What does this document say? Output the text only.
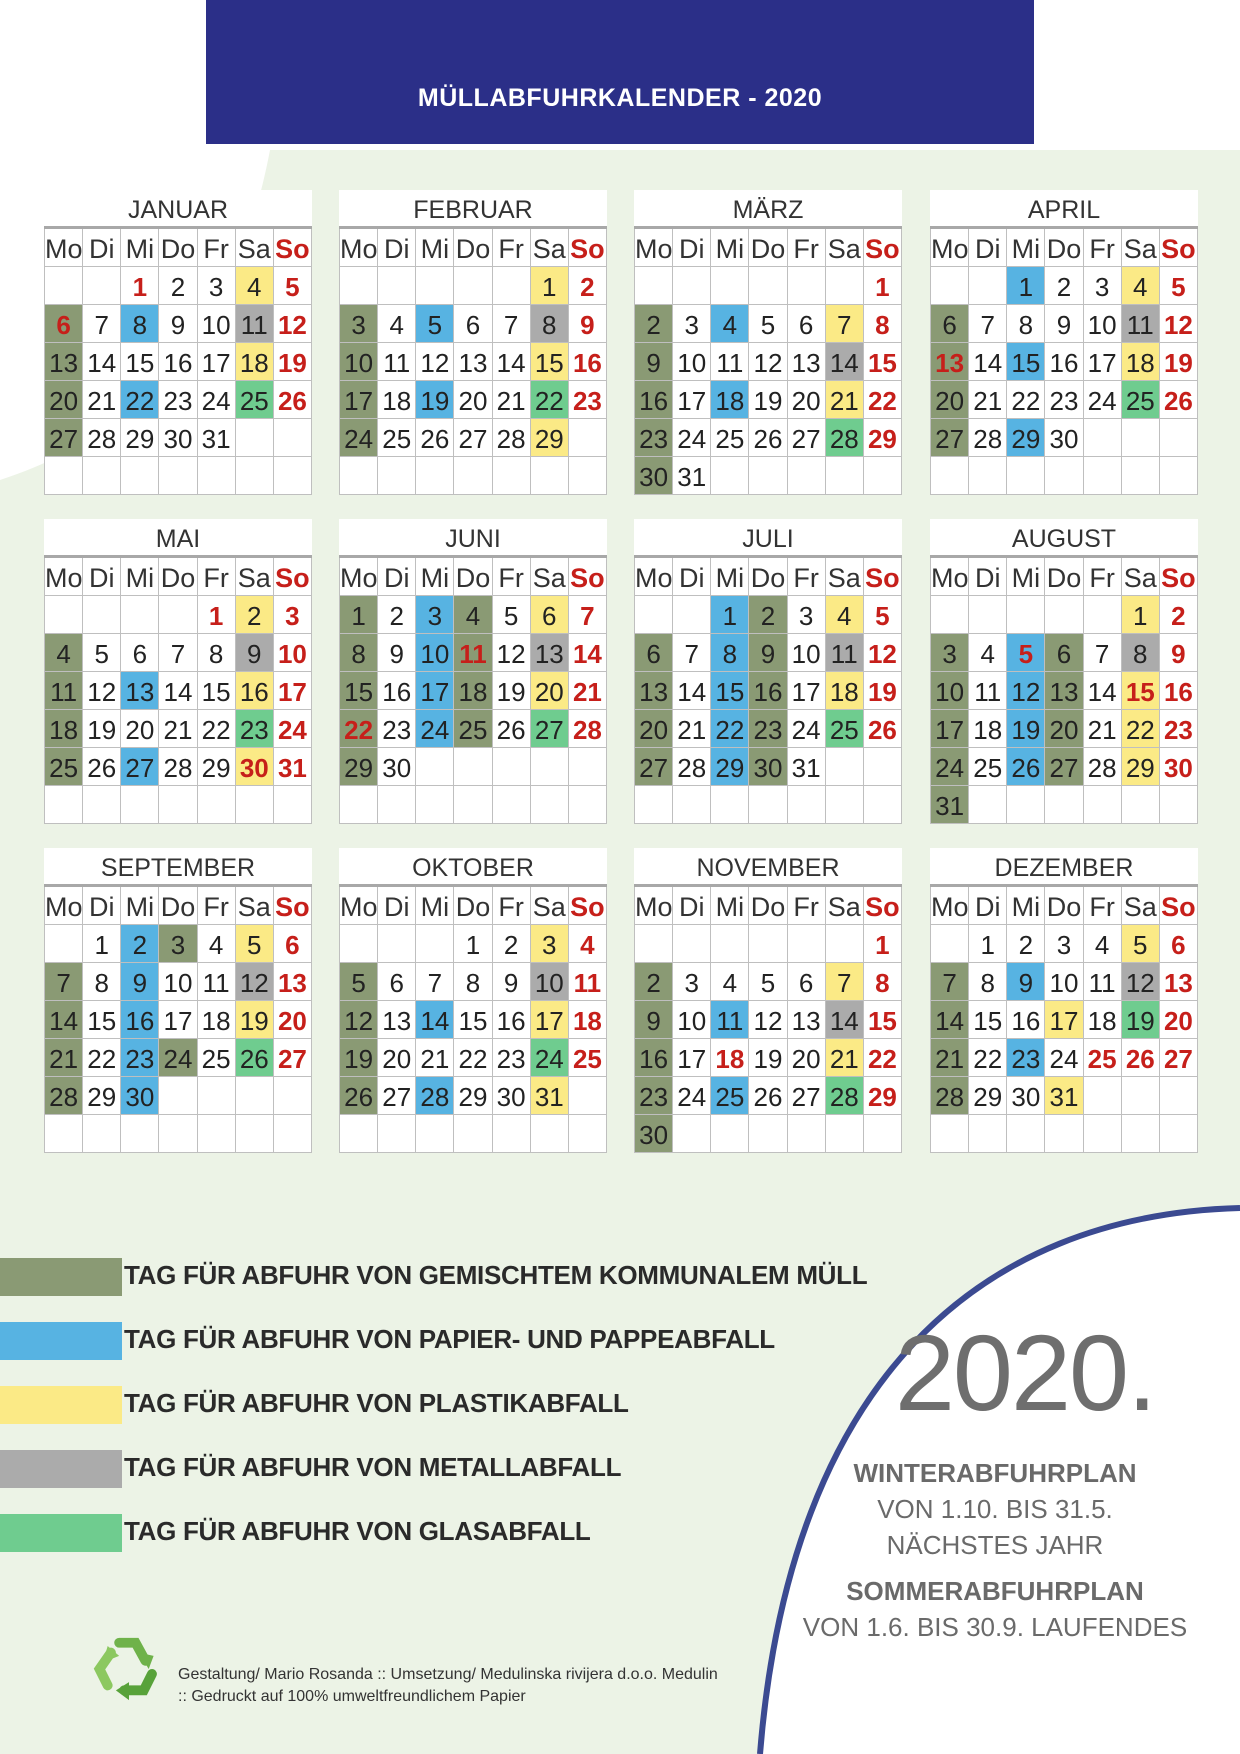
MÜLLABFUHRKALENDER - 2020
JANUAR
Mo Di Mi Do Fr Sa So
1 2 3 4 5
6 7 8 9 10 11 12
13 14 15 16 17 18 19
20 21 22 23 24 25 26
27 28 29 30 31
FEBRUAR
Mo Di Mi Do Fr Sa So
1 2
3 4 5 6 7 8 9
10 11 12 13 14 15 16
17 18 19 20 21 22 23
24 25 26 27 28 29
MÄRZ
Mo Di Mi Do Fr Sa So
1
2 3 4 5 6 7 8
9 10 11 12 13 14 15
16 17 18 19 20 21 22
23 24 25 26 27 28 29
30 31
APRIL
Mo Di Mi Do Fr Sa So
1 2 3 4 5
6 7 8 9 10 11 12
13 14 15 16 17 18 19
20 21 22 23 24 25 26
27 28 29 30
MAI
Mo Di Mi Do Fr Sa So
1 2 3
4 5 6 7 8 9 10
11 12 13 14 15 16 17
18 19 20 21 22 23 24
25 26 27 28 29 30 31
JUNI
Mo Di Mi Do Fr Sa So
1 2 3 4 5 6 7
8 9 10 11 12 13 14
15 16 17 18 19 20 21
22 23 24 25 26 27 28
29 30
JULI
Mo Di Mi Do Fr Sa So
1 2 3 4 5
6 7 8 9 10 11 12
13 14 15 16 17 18 19
20 21 22 23 24 25 26
27 28 29 30 31
AUGUST
Mo Di Mi Do Fr Sa So
1 2
3 4 5 6 7 8 9
10 11 12 13 14 15 16
17 18 19 20 21 22 23
24 25 26 27 28 29 30
31
SEPTEMBER
Mo Di Mi Do Fr Sa So
1 2 3 4 5 6
7 8 9 10 11 12 13
14 15 16 17 18 19 20
21 22 23 24 25 26 27
28 29 30
OKTOBER
Mo Di Mi Do Fr Sa So
1 2 3 4
5 6 7 8 9 10 11
12 13 14 15 16 17 18
19 20 21 22 23 24 25
26 27 28 29 30 31
NOVEMBER
Mo Di Mi Do Fr Sa So
1
2 3 4 5 6 7 8
9 10 11 12 13 14 15
16 17 18 19 20 21 22
23 24 25 26 27 28 29
30
DEZEMBER
Mo Di Mi Do Fr Sa So
1 2 3 4 5 6
7 8 9 10 11 12 13
14 15 16 17 18 19 20
21 22 23 24 25 26 27
28 29 30 31
TAG FÜR ABFUHR VON GEMISCHTEM KOMMUNALEM MÜLL
TAG FÜR ABFUHR VON PAPIER- UND PAPPEABFALL
TAG FÜR ABFUHR VON PLASTIKABFALL
TAG FÜR ABFUHR VON METALLABFALL
TAG FÜR ABFUHR VON GLASABFALL
2020.
WINTERABFUHRPLAN
VON 1.10. BIS 31.5.
NÄCHSTES JAHR
SOMMERABFUHRPLAN
VON 1.6. BIS 30.9. LAUFENDES
Gestaltung/ Mario Rosanda :: Umsetzung/ Medulinska rivijera d.o.o. Medulin
:: Gedruckt auf 100% umweltfreundlichem Papier
